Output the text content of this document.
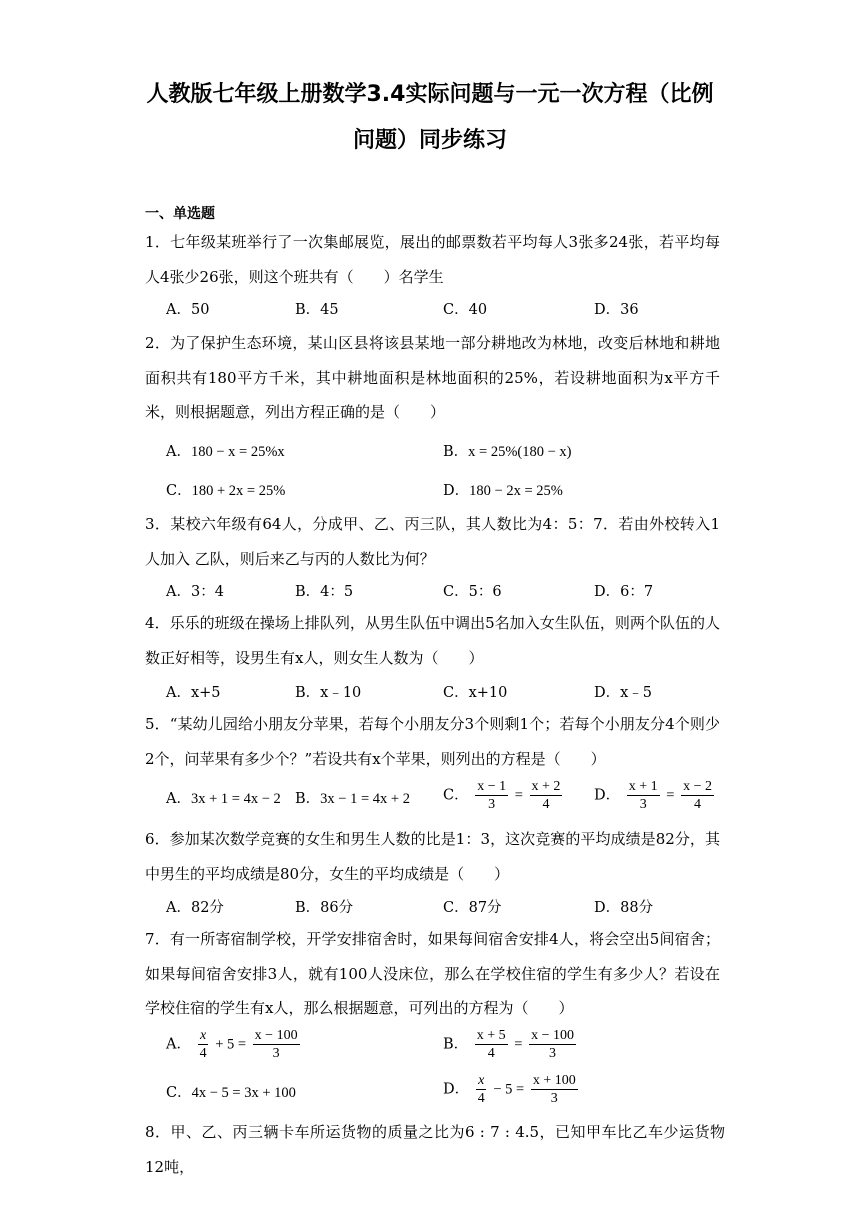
人教版七年级上册数学3.4实际问题与一元一次方程（比例
问题）同步练习
一、单选题
1．七年级某班举行了一次集邮展览，展出的邮票数若平均每人3张多24张，若平均每人4张少26张，则这个班共有（　　）名学生
A．50	B．45	C．40	D．36
2．为了保护生态环境，某山区县将该县某地一部分耕地改为林地，改变后林地和耕地面积共有180平方千米，其中耕地面积是林地面积的25%，若设耕地面积为x平方千米，则根据题意，列出方程正确的是（　　）
A．180 − x = 25%x	B．x = 25%(180 − x)
C．180 + 2x = 25%	D．180 − 2x = 25%
3．某校六年级有64人，分成甲、乙、丙三队，其人数比为4：5：7．若由外校转入1人加入 乙队，则后来乙与丙的人数比为何？
A．3：4	B．4：5	C．5：6	D．6：7
4．乐乐的班级在操场上排队列，从男生队伍中调出5名加入女生队伍，则两个队伍的人数正好相等，设男生有x人，则女生人数为（　　）
A．x+5	B．x﹣10	C．x+10	D．x﹣5
5．“某幼儿园给小朋友分苹果，若每个小朋友分3个则剩1个；若每个小朋友分4个则少2个，问苹果有多少个？”若设共有x个苹果，则列出的方程是（　　）
A．3x + 1 = 4x − 2 B．3x − 1 = 4x + 2 C． $\frac{x - 1}{3} = \frac{x + 2}{4}$ D． $\frac{x + 1}{3} = \frac{x - 2}{4}$
6．参加某次数学竞赛的女生和男生人数的比是1：3，这次竞赛的平均成绩是82分，其中男生的平均成绩是80分，女生的平均成绩是（　　）
A．82分	B．86分	C．87分	D．88分
7．有一所寄宿制学校，开学安排宿舍时，如果每间宿舍安排4人，将会空出5间宿舍；如果每间宿舍安排3人，就有100人没床位，那么在学校住宿的学生有多少人？若设在学校住宿的学生有x人，那么根据题意，可列出的方程为（　　）
A． $\frac{x}{4} + 5 = \frac{x - 100}{3}$	B． $\frac{x + 5}{4} = \frac{x - 100}{3}$
C．4x − 5 = 3x + 100	D． $\frac{x}{4} - 5 = \frac{x + 100}{3}$
8．甲、乙、丙三辆卡车所运货物的质量之比为6 : 7 : 4.5，已知甲车比乙车少运货物12吨，
